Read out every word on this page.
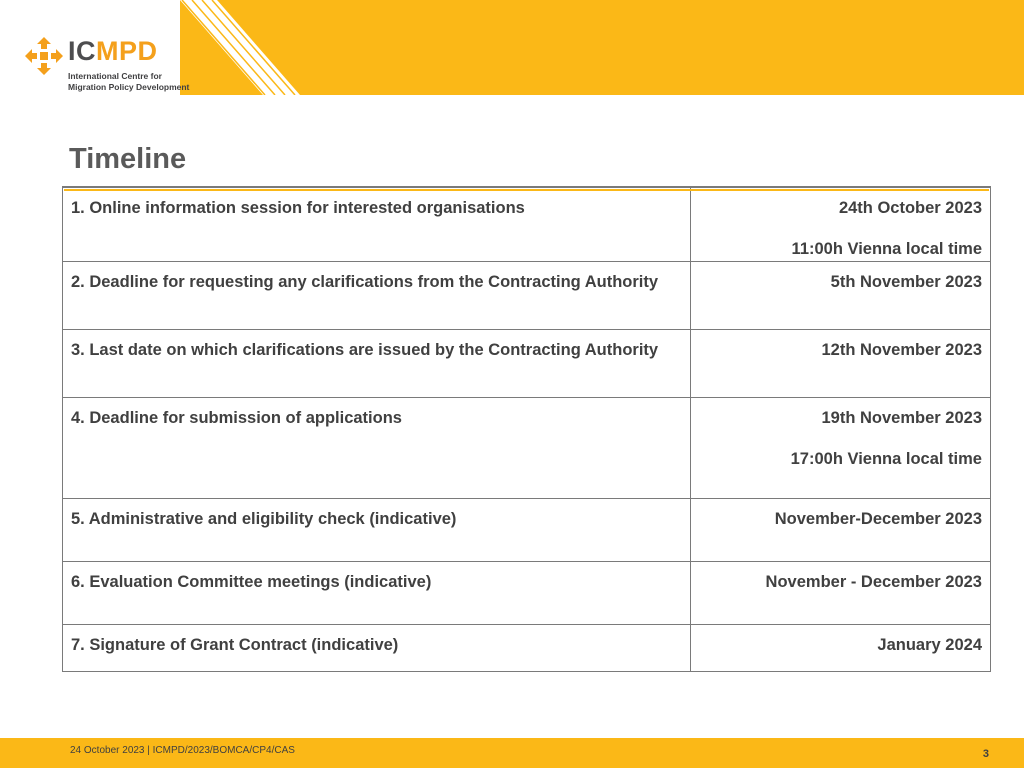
ICMPD
International Centre for
Migration Policy Development
Timeline
1. Online information session for interested organisations	24th October 2023
11:00h Vienna local time

2. Deadline for requesting any clarifications from the Contracting Authority	5th November 2023
3. Last date on which clarifications are issued by the Contracting Authority	12th November 2023

4. Deadline for submission of applications	19th November 2023
17:00h Vienna local time

5. Administrative and eligibility check (indicative)	November-December 2023

6. Evaluation Committee meetings (indicative)	November - December 2023

7. Signature of Grant Contract (indicative)	January 2024
24 October 2023 | ICMPD/2023/BOMCA/CP4/CAS	3
